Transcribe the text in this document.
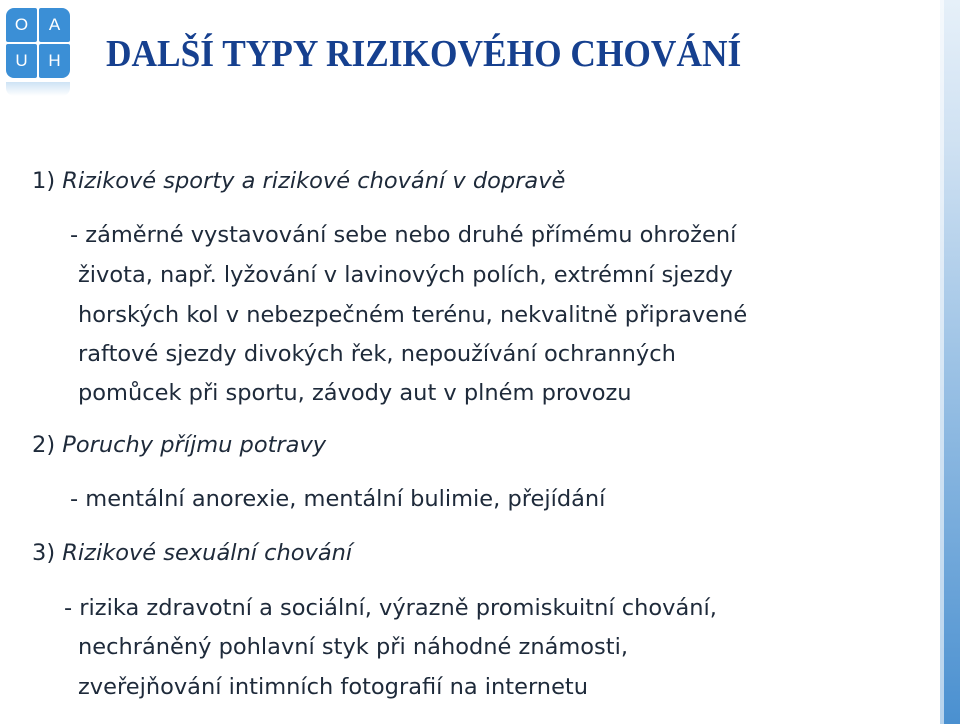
O	A
U	H DALŠÍ TYPY RIZIKOVÉHO CHOVÁNÍ
1) Rizikové sporty a rizikové chování v dopravě
- záměrné vystavování sebe nebo druhé přímému ohrožení
života, např. lyžování v lavinových polích, extrémní sjezdy
horských kol v nebezpečném terénu, nekvalitně připravené
raftové sjezdy divokých řek, nepoužívání ochranných
pomůcek při sportu, závody aut v plném provozu
2) Poruchy příjmu potravy
- mentální anorexie, mentální bulimie, přejídání
3) Rizikové sexuální chování
- rizika zdravotní a sociální, výrazně promiskuitní chování,
nechráněný pohlavní styk při náhodné známosti,
zveřejňování intimních fotografií na internetu
